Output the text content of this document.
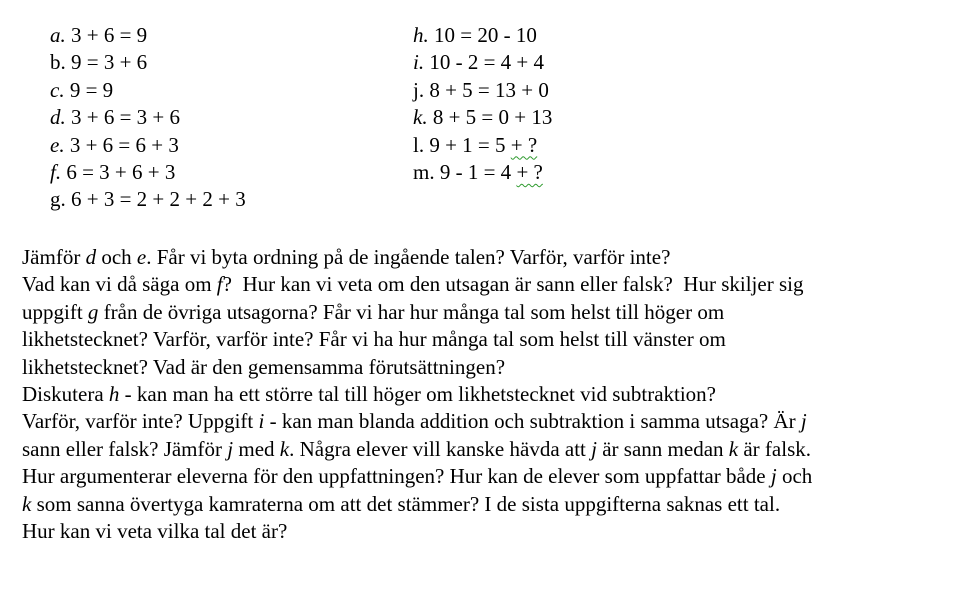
a. 3 + 6 = 9
b. 9 = 3 + 6
c. 9 = 9
d. 3 + 6 = 3 + 6
e. 3 + 6 = 6 + 3
f. 6 = 3 + 6 + 3
g. 6 + 3 = 2 + 2 + 2 + 3
h. 10 = 20 - 10
i. 10 - 2 = 4 + 4
j. 8 + 5 = 13 + 0
k. 8 + 5 = 0 + 13
l. 9 + 1 = 5 + ?
m. 9 - 1 = 4 + ?
Jämför d och e. Får vi byta ordning på de ingående talen? Varför, varför inte?
Vad kan vi då säga om f?  Hur kan vi veta om den utsagan är sann eller falsk?  Hur skiljer sig
uppgift g från de övriga utsagorna? Får vi har hur många tal som helst till höger om
likhetstecknet? Varför, varför inte? Får vi ha hur många tal som helst till vänster om
likhetstecknet? Vad är den gemensamma förutsättningen?
Diskutera h - kan man ha ett större tal till höger om likhetstecknet vid subtraktion?
Varför, varför inte? Uppgift i - kan man blanda addition och subtraktion i samma utsaga? Är j
sann eller falsk? Jämför j med k. Några elever vill kanske hävda att j är sann medan k är falsk.
Hur argumenterar eleverna för den uppfattningen? Hur kan de elever som uppfattar både j och
k som sanna övertyga kamraterna om att det stämmer? I de sista uppgifterna saknas ett tal.
Hur kan vi veta vilka tal det är?
